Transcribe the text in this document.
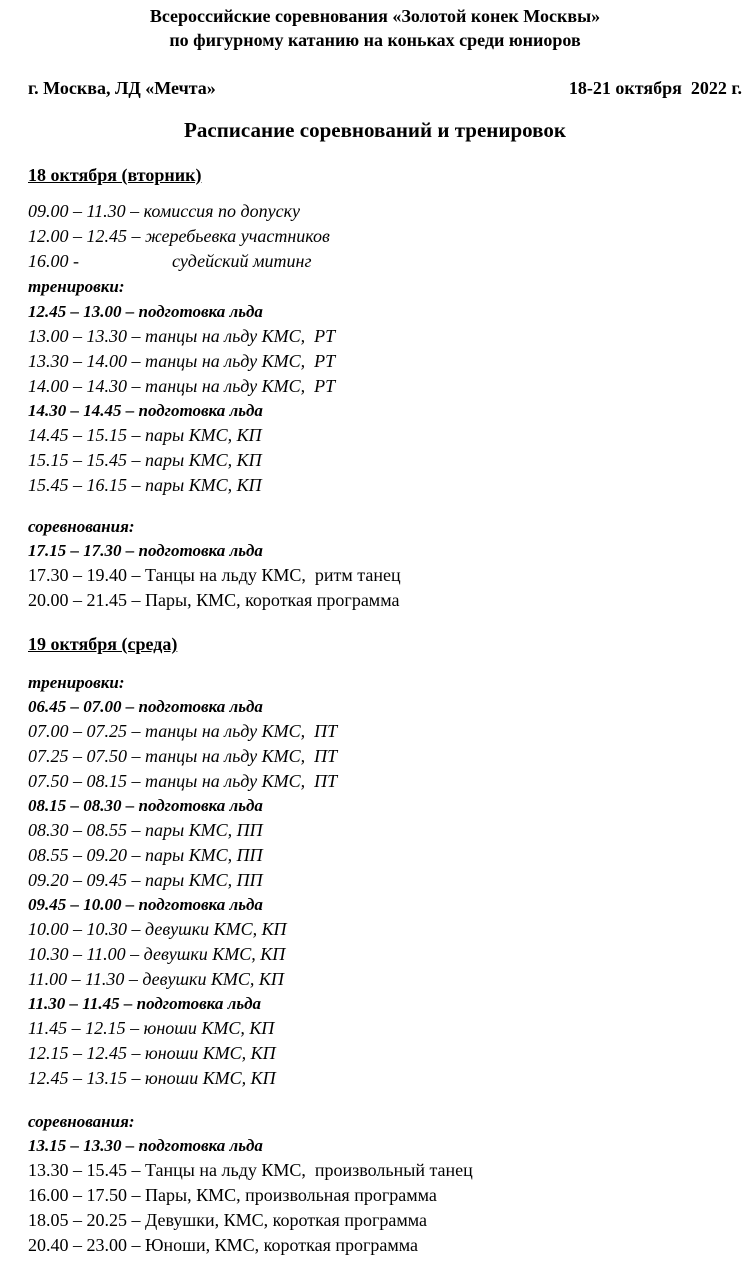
Всероссийские соревнования «Золотой конек Москвы»
по фигурному катанию на коньках среди юниоров
г. Москва, ЛД «Мечта»	18-21 октября  2022 г.
Расписание соревнований и тренировок
18 октября (вторник)
09.00 – 11.30 – комиссия по допуску
12.00 – 12.45 – жеребьевка участников
16.00 -	судейский митинг
тренировки:
12.45 – 13.00 – подготовка льда
13.00 – 13.30 – танцы на льду КМС,  РТ
13.30 – 14.00 – танцы на льду КМС,  РТ
14.00 – 14.30 – танцы на льду КМС,  РТ
14.30 – 14.45 – подготовка льда
14.45 – 15.15 – пары КМС, КП
15.15 – 15.45 – пары КМС, КП
15.45 – 16.15 – пары КМС, КП
соревнования:
17.15 – 17.30 – подготовка льда
17.30 – 19.40 – Танцы на льду КМС,  ритм танец
20.00 – 21.45 – Пары, КМС, короткая программа
19 октября (среда)
тренировки:
06.45 – 07.00 – подготовка льда
07.00 – 07.25 – танцы на льду КМС,  ПТ
07.25 – 07.50 – танцы на льду КМС,  ПТ
07.50 – 08.15 – танцы на льду КМС,  ПТ
08.15 – 08.30 – подготовка льда
08.30 – 08.55 – пары КМС, ПП
08.55 – 09.20 – пары КМС, ПП
09.20 – 09.45 – пары КМС, ПП
09.45 – 10.00 – подготовка льда
10.00 – 10.30 – девушки КМС, КП
10.30 – 11.00 – девушки КМС, КП
11.00 – 11.30 – девушки КМС, КП
11.30 – 11.45 – подготовка льда
11.45 – 12.15 – юноши КМС, КП
12.15 – 12.45 – юноши КМС, КП
12.45 – 13.15 – юноши КМС, КП
соревнования:
13.15 – 13.30 – подготовка льда
13.30 – 15.45 – Танцы на льду КМС,  произвольный танец
16.00 – 17.50 – Пары, КМС, произвольная программа
18.05 – 20.25 – Девушки, КМС, короткая программа
20.40 – 23.00 – Юноши, КМС, короткая программа
